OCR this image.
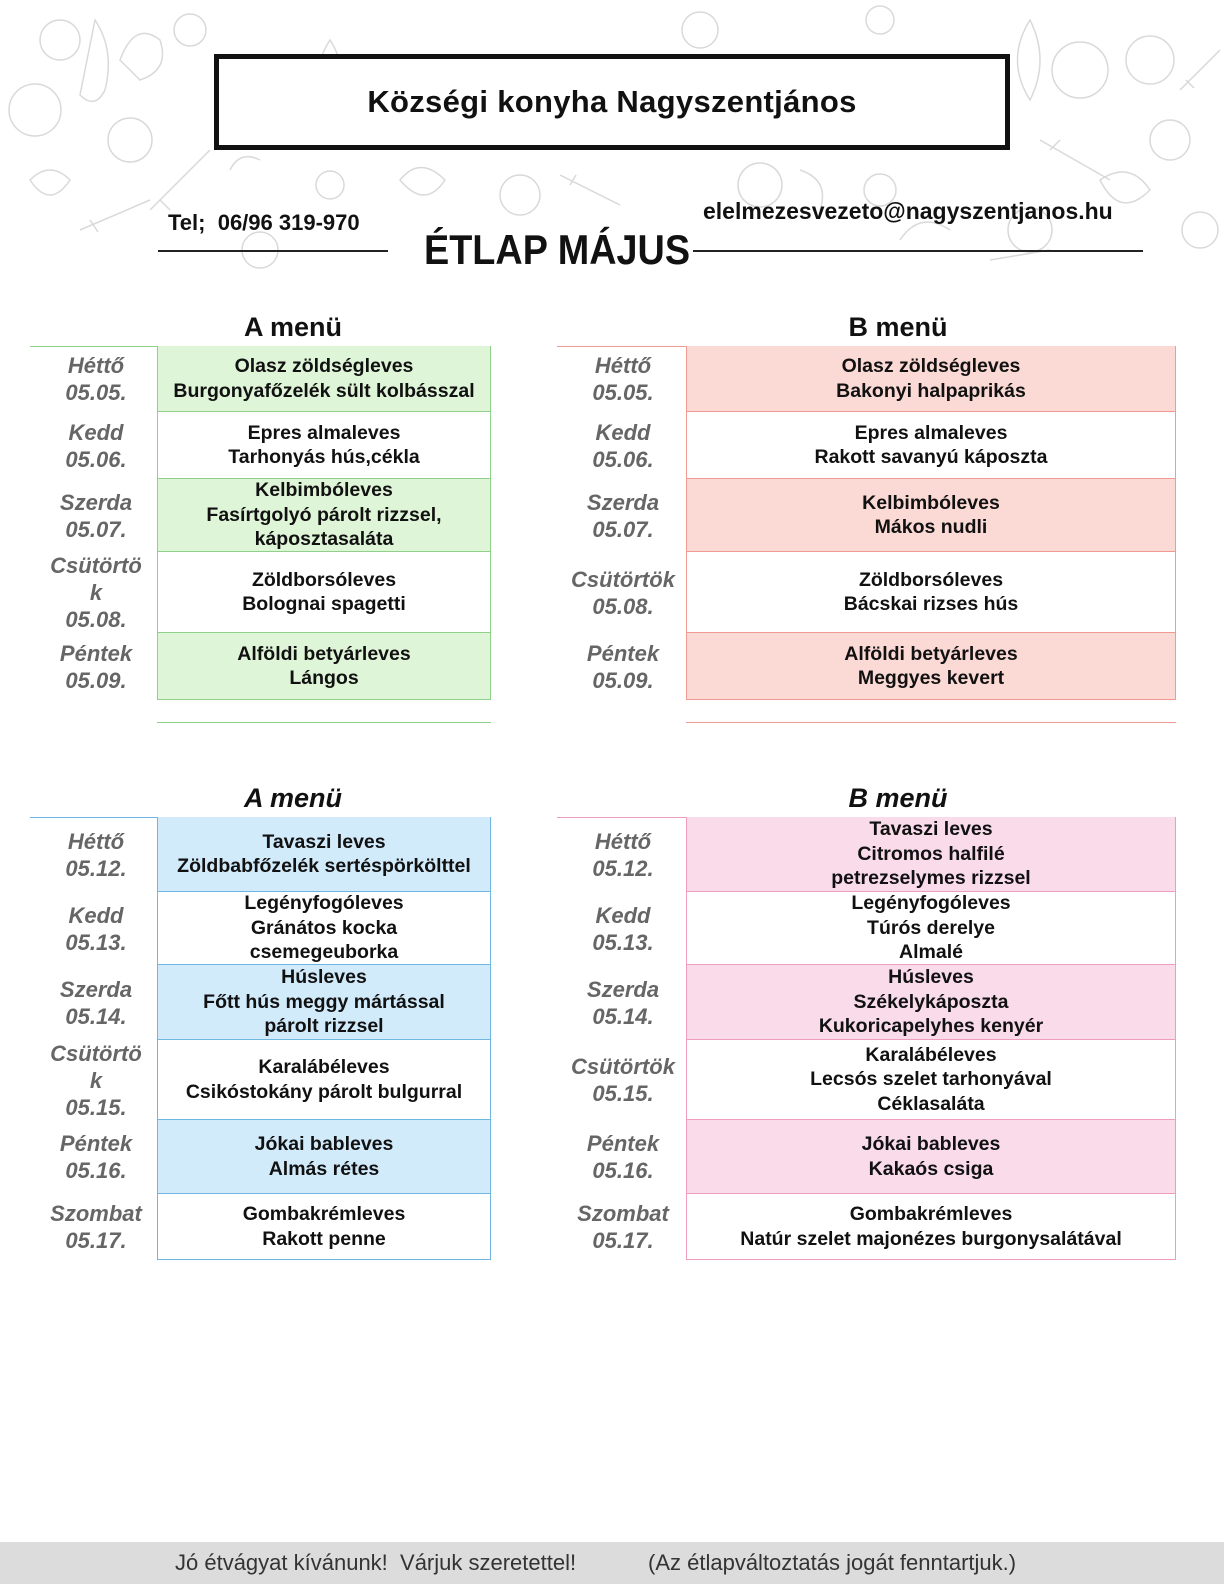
Községi konyha Nagyszentjános
Tel;  06/96 319-970
ÉTLAP MÁJUS
elelmezesvezeto@nagyszentjanos.hu
A menü
Olasz zöldségleves
Burgonyafőzelék sült kolbásszal
Héttő
05.05.
Epres almaleves
Tarhonyás hús,cékla
Kedd
05.06.
Kelbimbóleves
Fasírtgolyó párolt rizzsel,
káposztasaláta
Szerda
05.07.
Zöldborsóleves
Bolognai spagetti
Csütörtö
k
05.08.
Alföldi betyárleves
Lángos
Péntek
05.09.
B menü
Olasz zöldségleves
Bakonyi halpaprikás
Héttő
05.05.
Epres almaleves
Rakott savanyú káposzta
Kedd
05.06.
Kelbimbóleves
Mákos nudli
Szerda
05.07.
Zöldborsóleves
Bácskai rizses hús
Csütörtök
05.08.
Alföldi betyárleves
Meggyes kevert
Péntek
05.09.
A menü
Tavaszi leves
Zöldbabfőzelék sertéspörkölttel
Héttő
05.12.
Legényfogóleves
Gránátos kocka
csemegeuborka
Kedd
05.13.
Húsleves
Főtt hús meggy mártással
párolt rizzsel
Szerda
05.14.
Karalábéleves
Csikóstokány párolt bulgurral
Csütörtö
k
05.15.
Jókai bableves
Almás rétes
Péntek
05.16.
Gombakrémleves
Rakott penne
Szombat
05.17.
B menü
Tavaszi leves
Citromos halfilé
petrezselymes rizzsel
Héttő
05.12.
Legényfogóleves
Túrós derelye
Almalé
Kedd
05.13.
Húsleves
Székelykáposzta
Kukoricapelyhes kenyér
Szerda
05.14.
Karalábéleves
Lecsós szelet tarhonyával
Céklasaláta
Csütörtök
05.15.
Jókai bableves
Kakaós csiga
Péntek
05.16.
Gombakrémleves
Natúr szelet majonézes burgonysalátával
Szombat
05.17.

Jó étvágyat kívánunk!  Várjuk szeretettel!

	(Az étlapváltoztatás jogát fenntartjuk.)
